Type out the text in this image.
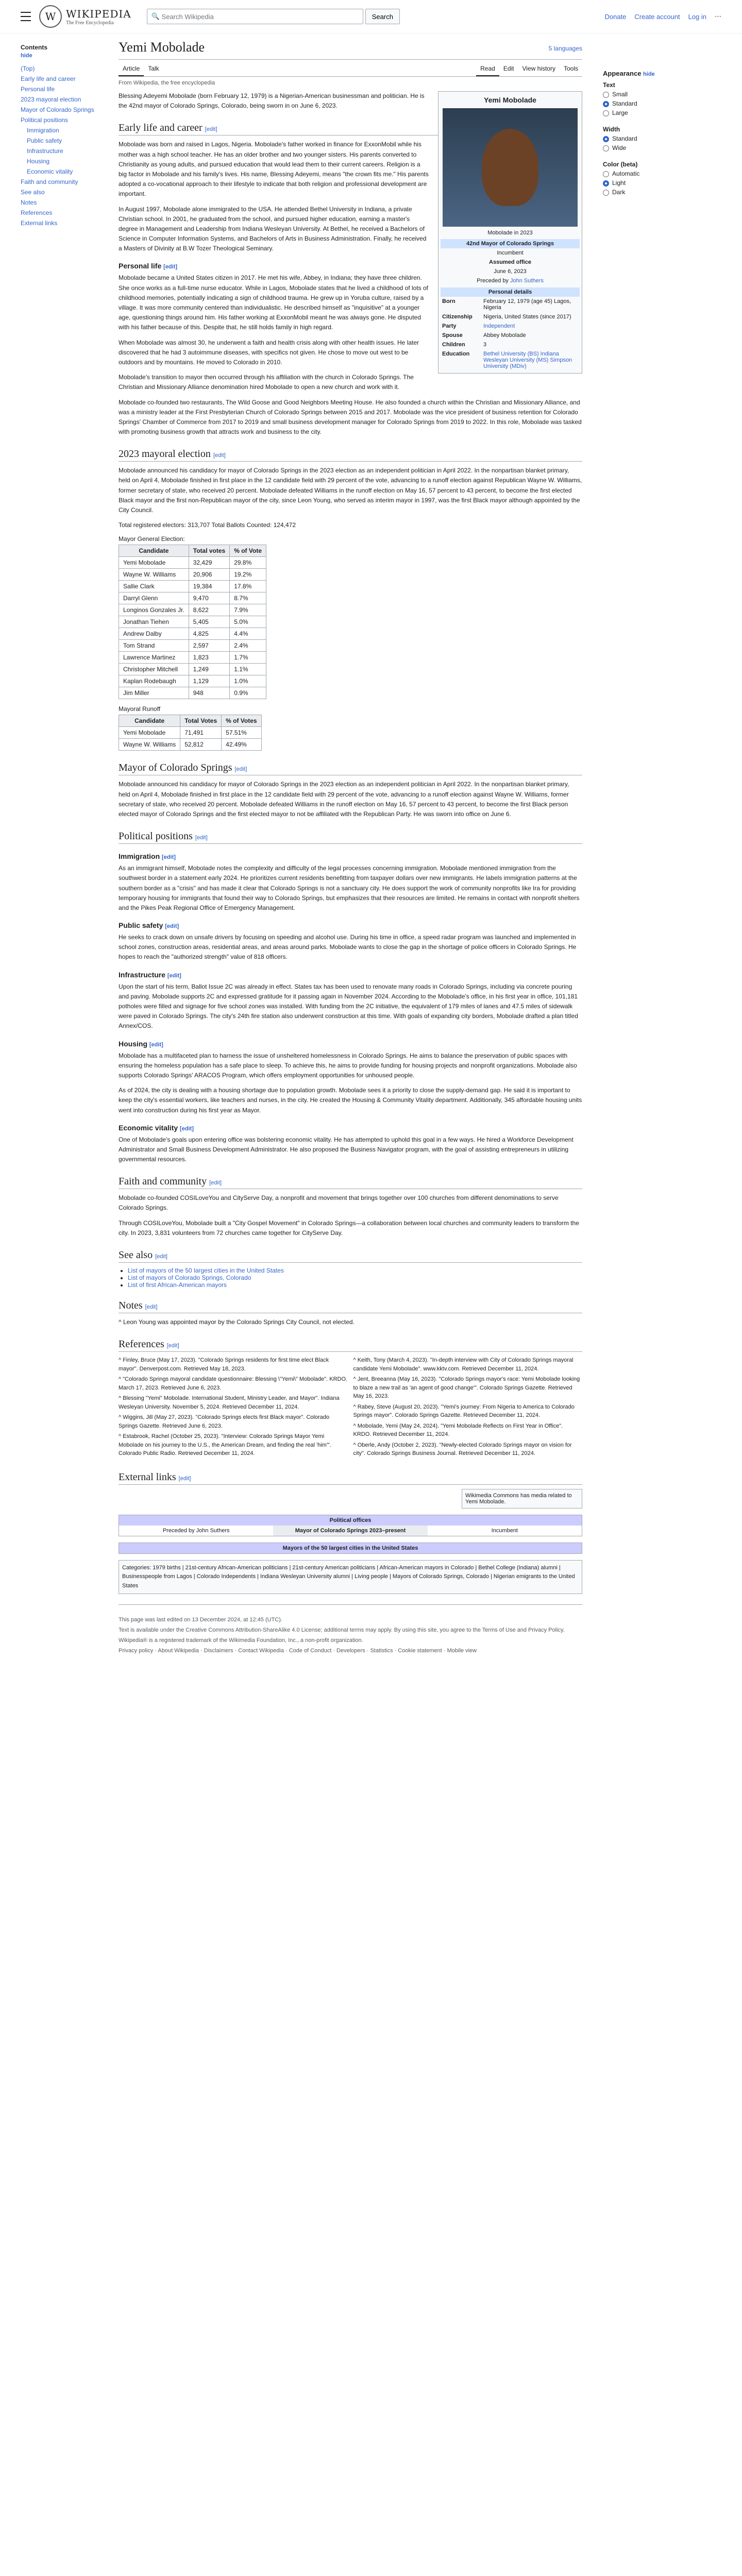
W WIKIPEDIA
The Free Encyclopedia
🔍 Search Wikipedia	Search	Donate Create account Log in ⋯
Contents
hide
(Top)
Early life and career
Personal life
2023 mayoral election
Mayor of Colorado Springs
Political positions
Immigration
Public safety
Infrastructure
Housing
Economic vitality
Faith and community
See also
Notes
References
External links
Yemi Mobolade	5 languages
Article	Talk	Read	Edit	View history	Tools
From Wikipedia, the free encyclopedia
Yemi Mobolade
Mobolade in 2023
42nd Mayor of Colorado Springs
Incumbent
Assumed office
June 6, 2023
Preceded by John Suthers
Personal details
Born	February 12, 1979 (age 45) Lagos, Nigeria
Citizenship	Nigeria, United States (since 2017)
Party	Independent
Spouse	Abbey Mobolade
Children	3
Education	Bethel University (BS) Indiana Wesleyan University (MS) Simpson University (MDiv)

Blessing Adeyemi Mobolade (born February 12, 1979) is a Nigerian-American businessman and politician. He is the 42nd mayor of Colorado Springs, Colorado, being sworn in on June 6, 2023.

Early life and career [edit]

Mobolade was born and raised in Lagos, Nigeria. Mobolade's father worked in finance for ExxonMobil while his mother was a high school teacher. He has an older brother and two younger sisters. His parents converted to Christianity as young adults, and pursued education that would lead them to their current careers. Religion is a big factor in Mobolade and his family's lives. His name, Blessing Adeyemi, means "the crown fits me." His parents adopted a co-vocational approach to their lifestyle to indicate that both religion and professional development are important.

In August 1997, Mobolade alone immigrated to the USA. He attended Bethel University in Indiana, a private Christian school. In 2001, he graduated from the school, and pursued higher education, earning a master's degree in Management and Leadership from Indiana Wesleyan University. At Bethel, he received a Bachelors of Science in Computer Information Systems, and Bachelors of Arts in Business Administration. Finally, he received a Masters of Divinity at B.W Tozer Theological Seminary.

Personal life [edit]

Mobolade became a United States citizen in 2017. He met his wife, Abbey, in Indiana; they have three children. She once works as a full-time nurse educator. While in Lagos, Mobolade states that he lived a childhood of lots of childhood memories, potentially indicating a sign of childhood trauma. He grew up in Yoruba culture, raised by a village. It was more community centered than individualistic. He described himself as "inquisitive" at a younger age, questioning things around him. His father working at ExxonMobil meant he was always gone. He disputed with his father because of this. Despite that, he still holds family in high regard.

When Mobolade was almost 30, he underwent a faith and health crisis along with other health issues. He later discovered that he had 3 autoimmune diseases, with specifics not given. He chose to move out west to be outdoors and by mountains. He moved to Colorado in 2010.

Mobolade's transition to mayor then occurred through his affiliation with the church in Colorado Springs. The Christian and Missionary Alliance denomination hired Mobolade to open a new church and work with it.

Mobolade co-founded two restaurants, The Wild Goose and Good Neighbors Meeting House. He also founded a church within the Christian and Missionary Alliance, and was a ministry leader at the First Presbyterian Church of Colorado Springs between 2015 and 2017. Mobolade was the vice president of business retention for Colorado Springs' Chamber of Commerce from 2017 to 2019 and small business development manager for Colorado Springs from 2019 to 2022. In this role, Mobolade was tasked with promoting business growth that attracts work and business to the city.

2023 mayoral election [edit]

Mobolade announced his candidacy for mayor of Colorado Springs in the 2023 election as an independent politician in April 2022. In the nonpartisan blanket primary, held on April 4, Mobolade finished in first place in the 12 candidate field with 29 percent of the vote, advancing to a runoff election against Republican Wayne W. Williams, former secretary of state, who received 20 percent. Mobolade defeated Williams in the runoff election on May 16, 57 percent to 43 percent, to become the first elected Black mayor and the first non-Republican mayor of the city, since Leon Young, who served as interim mayor in 1997, was the first Black mayor although appointed by the City Council.

Total registered electors: 313,707 Total Ballots Counted: 124,472

Mayor General Election:
Candidate	Total votes	% of Vote
Yemi Mobolade	32,429	29.8%
Wayne W. Williams	20,906	19.2%
Sallie Clark	19,384	17.8%
Darryl Glenn	9,470	8.7%
Longinos Gonzales Jr.	8,622	7.9%
Jonathan Tiehen	5,405	5.0%
Andrew Dalby	4,825	4.4%
Tom Strand	2,597	2.4%
Lawrence Martinez	1,823	1.7%
Christopher Mitchell	1,249	1.1%
Kaplan Rodebaugh	1,129	1.0%
Jim Miller	948	0.9%
Mayoral Runoff
Candidate	Total Votes	% of Votes
Yemi Mobolade	71,491	57.51%
Wayne W. Williams	52,812	42.49%
Mayor of Colorado Springs [edit]

Mobolade announced his candidacy for mayor of Colorado Springs in the 2023 election as an independent politician in April 2022. In the nonpartisan blanket primary, held on April 4, Mobolade finished in first place in the 12 candidate field with 29 percent of the vote, advancing to a runoff election against Wayne W. Williams, former secretary of state, who received 20 percent. Mobolade defeated Williams in the runoff election on May 16, 57 percent to 43 percent, to become the first Black person elected mayor of Colorado Springs and the first elected mayor to not be affiliated with the Republican Party. He was sworn into office on June 6.

Political positions [edit]
Immigration [edit]

As an immigrant himself, Mobolade notes the complexity and difficulty of the legal processes concerning immigration. Mobolade mentioned immigration from the southwest border in a statement early 2024. He prioritizes current residents benefitting from taxpayer dollars over new immigrants. He labels immigration patterns at the southern border as a "crisis" and has made it clear that Colorado Springs is not a sanctuary city. He does support the work of community nonprofits like Ira for providing temporary housing for immigrants that found their way to Colorado Springs, but emphasizes that their resources are limited. He remains in contact with nonprofit shelters and the Pikes Peak Regional Office of Emergency Management.

Public safety [edit]

He seeks to crack down on unsafe drivers by focusing on speeding and alcohol use. During his time in office, a speed radar program was launched and implemented in school zones, construction areas, residential areas, and areas around parks. Mobolade wants to close the gap in the shortage of police officers in Colorado Springs. He hopes to reach the "authorized strength" value of 818 officers.

Infrastructure [edit]

Upon the start of his term, Ballot Issue 2C was already in effect. States tax has been used to renovate many roads in Colorado Springs, including via concrete pouring and paving. Mobolade supports 2C and expressed gratitude for it passing again in November 2024. According to the Mobolade's office, in his first year in office, 101,181 potholes were filled and signage for five school zones was installed. With funding from the 2C initiative, the equivalent of 179 miles of lanes and 47.5 miles of sidewalk were paved in Colorado Springs. The city's 24th fire station also underwent construction at this time. With goals of expanding city borders, Mobolade drafted a plan titled Annex/COS.

Housing [edit]

Mobolade has a multifaceted plan to harness the issue of unsheltered homelessness in Colorado Springs. He aims to balance the preservation of public spaces with ensuring the homeless population has a safe place to sleep. To achieve this, he aims to provide funding for housing projects and nonprofit organizations. Mobolade also supports Colorado Springs' ARACOS Program, which offers employment opportunities for unhoused people.

As of 2024, the city is dealing with a housing shortage due to population growth. Mobolade sees it a priority to close the supply-demand gap. He said it is important to keep the city's essential workers, like teachers and nurses, in the city. He created the Housing & Community Vitality department. Additionally, 345 affordable housing units went into construction during his first year as Mayor.

Economic vitality [edit]

One of Mobolade's goals upon entering office was bolstering economic vitality. He has attempted to uphold this goal in a few ways. He hired a Workforce Development Administrator and Small Business Development Administrator. He also proposed the Business Navigator program, with the goal of assisting entrepreneurs in utilizing governmental resources.

Faith and community [edit]

Mobolade co-founded COSILoveYou and CityServe Day, a nonprofit and movement that brings together over 100 churches from different denominations to serve Colorado Springs.

Through COSILoveYou, Mobolade built a "City Gospel Movement" in Colorado Springs—a collaboration between local churches and community leaders to transform the city. In 2023, 3,831 volunteers from 72 churches came together for CityServe Day.

See also [edit]
• List of mayors of the 50 largest cities in the United States
• List of mayors of Colorado Springs, Colorado
• List of first African-American mayors
Notes [edit]

^ Leon Young was appointed mayor by the Colorado Springs City Council, not elected.

References [edit]
^ Finley, Bruce (May 17, 2023). "Colorado Springs residents for first time elect Black mayor". Denverpost.com. Retrieved May 18, 2023.
^ "Colorado Springs mayoral candidate questionnaire: Blessing \"Yemi\" Mobolade". KRDO. March 17, 2023. Retrieved June 6, 2023.
^ Blessing "Yemi" Mobolade. International Student, Ministry Leader, and Mayor". Indiana Wesleyan University. November 5, 2024. Retrieved December 11, 2024.
^ Wiggins, Jill (May 27, 2023). "Colorado Springs elects first Black mayor". Colorado Springs Gazette. Retrieved June 6, 2023.
^ Estabrook, Rachel (October 25, 2023). "Interview: Colorado Springs Mayor Yemi Mobolade on his journey to the U.S., the American Dream, and finding the real 'him'". Colorado Public Radio. Retrieved December 11, 2024.
^ Keith, Tony (March 4, 2023). "In-depth interview with City of Colorado Springs mayoral candidate Yemi Mobolade". www.kktv.com. Retrieved December 11, 2024.
^ Jent, Breeanna (May 16, 2023). "Colorado Springs mayor's race: Yemi Mobolade looking to blaze a new trail as 'an agent of good change'". Colorado Springs Gazette. Retrieved May 16, 2023.
^ Rabey, Steve (August 20, 2023). "Yemi's journey: From Nigeria to America to Colorado Springs mayor". Colorado Springs Gazette. Retrieved December 11, 2024.
^ Mobolade, Yemi (May 24, 2024). "Yemi Mobolade Reflects on First Year in Office". KRDO. Retrieved December 11, 2024.
^ Oberle, Andy (October 2, 2023). "Newly-elected Colorado Springs mayor on vision for city". Colorado Springs Business Journal. Retrieved December 11, 2024.
External links [edit]
Wikimedia Commons has media related to Yemi Mobolade.
Political offices
Preceded by John Suthers	Mayor of Colorado Springs 2023–present	Incumbent
Mayors of the 50 largest cities in the United States
Categories: 1979 births | 21st-century African-American politicians | 21st-century American politicians | African-American mayors in Colorado | Bethel College (Indiana) alumni | Businesspeople from Lagos | Colorado Independents | Indiana Wesleyan University alumni | Living people | Mayors of Colorado Springs, Colorado | Nigerian emigrants to the United States
This page was last edited on 13 December 2024, at 12:45 (UTC).
Text is available under the Creative Commons Attribution-ShareAlike 4.0 License; additional terms may apply. By using this site, you agree to the Terms of Use and Privacy Policy. Wikipedia® is a registered trademark of the Wikimedia Foundation, Inc., a non-profit organization.
Privacy policy · About Wikipedia · Disclaimers · Contact Wikipedia · Code of Conduct · Developers · Statistics · Cookie statement · Mobile view
Appearance hide
Text
Small
Standard
Large
Width
Standard
Wide
Color (beta)
Automatic
Light
Dark
